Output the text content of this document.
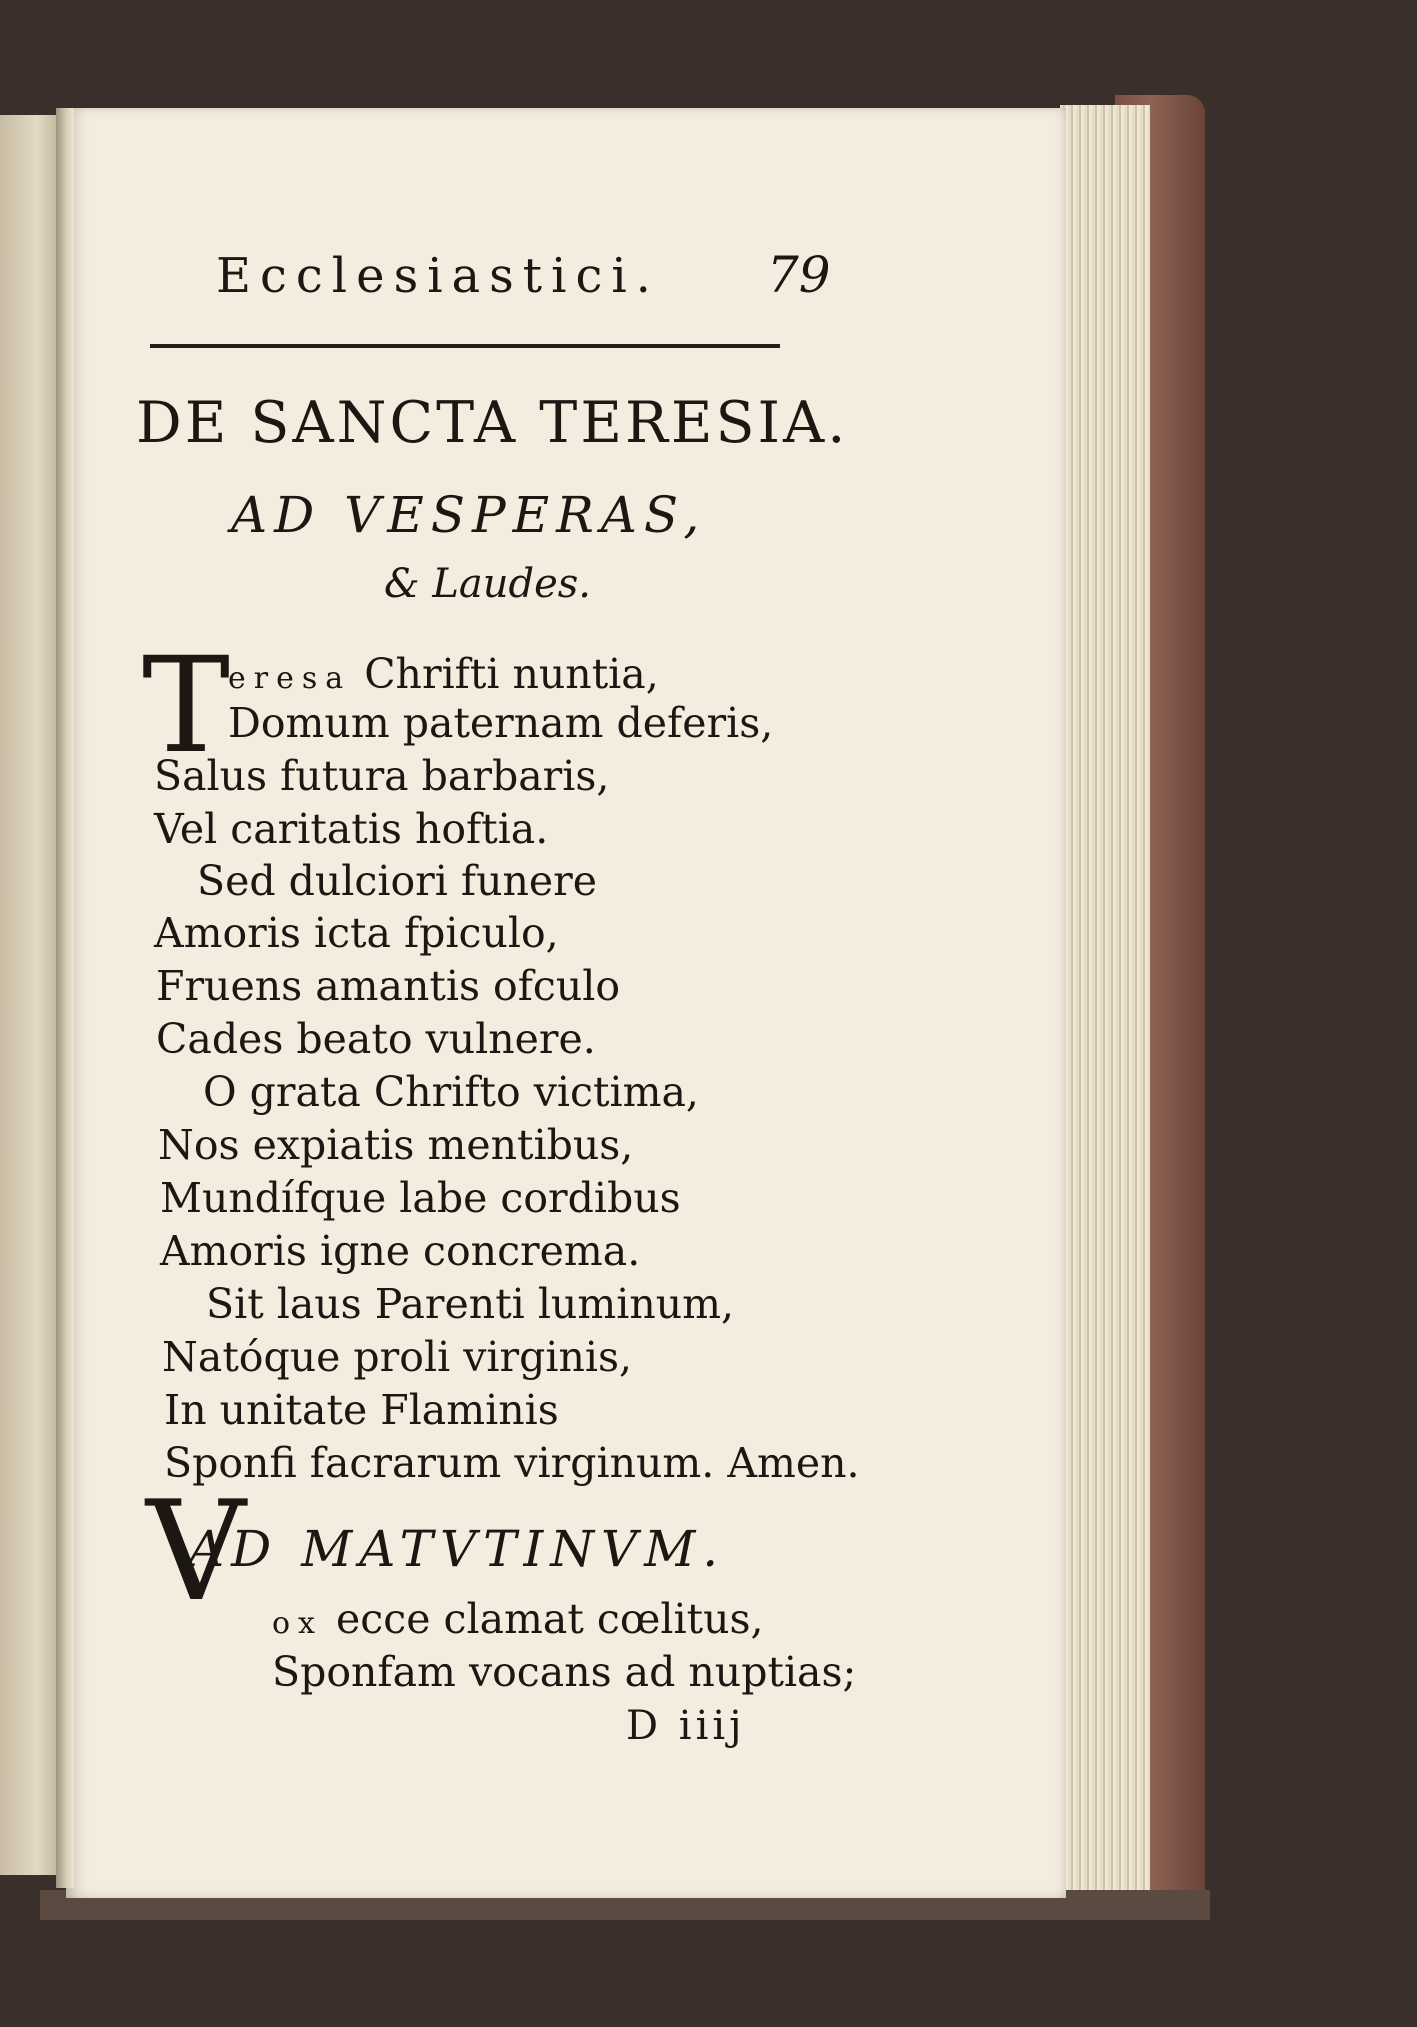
Ecclesiastici. 79
DE SANCTA TERESIA.
AD VESPERAS,
& Laudes.
T
eresa Chrifti nuntia,
Domum paternam deferis,
Salus futura barbaris,
Vel caritatis hoftia.
Sed dulciori funere
Amoris icta fpiculo,
Fruens amantis ofculo
Cades beato vulnere.
O grata Chrifto victima,
Nos expiatis mentibus,
Mundífque labe cordibus
Amoris igne concrema.
Sit laus Parenti luminum,
Natóque proli virginis,
In unitate Flaminis
Sponfi facrarum virginum. Amen.
AD MATVTINVM.
V ox ecce clamat cœlitus,
Sponfam vocans ad nuptias;
D iiij
